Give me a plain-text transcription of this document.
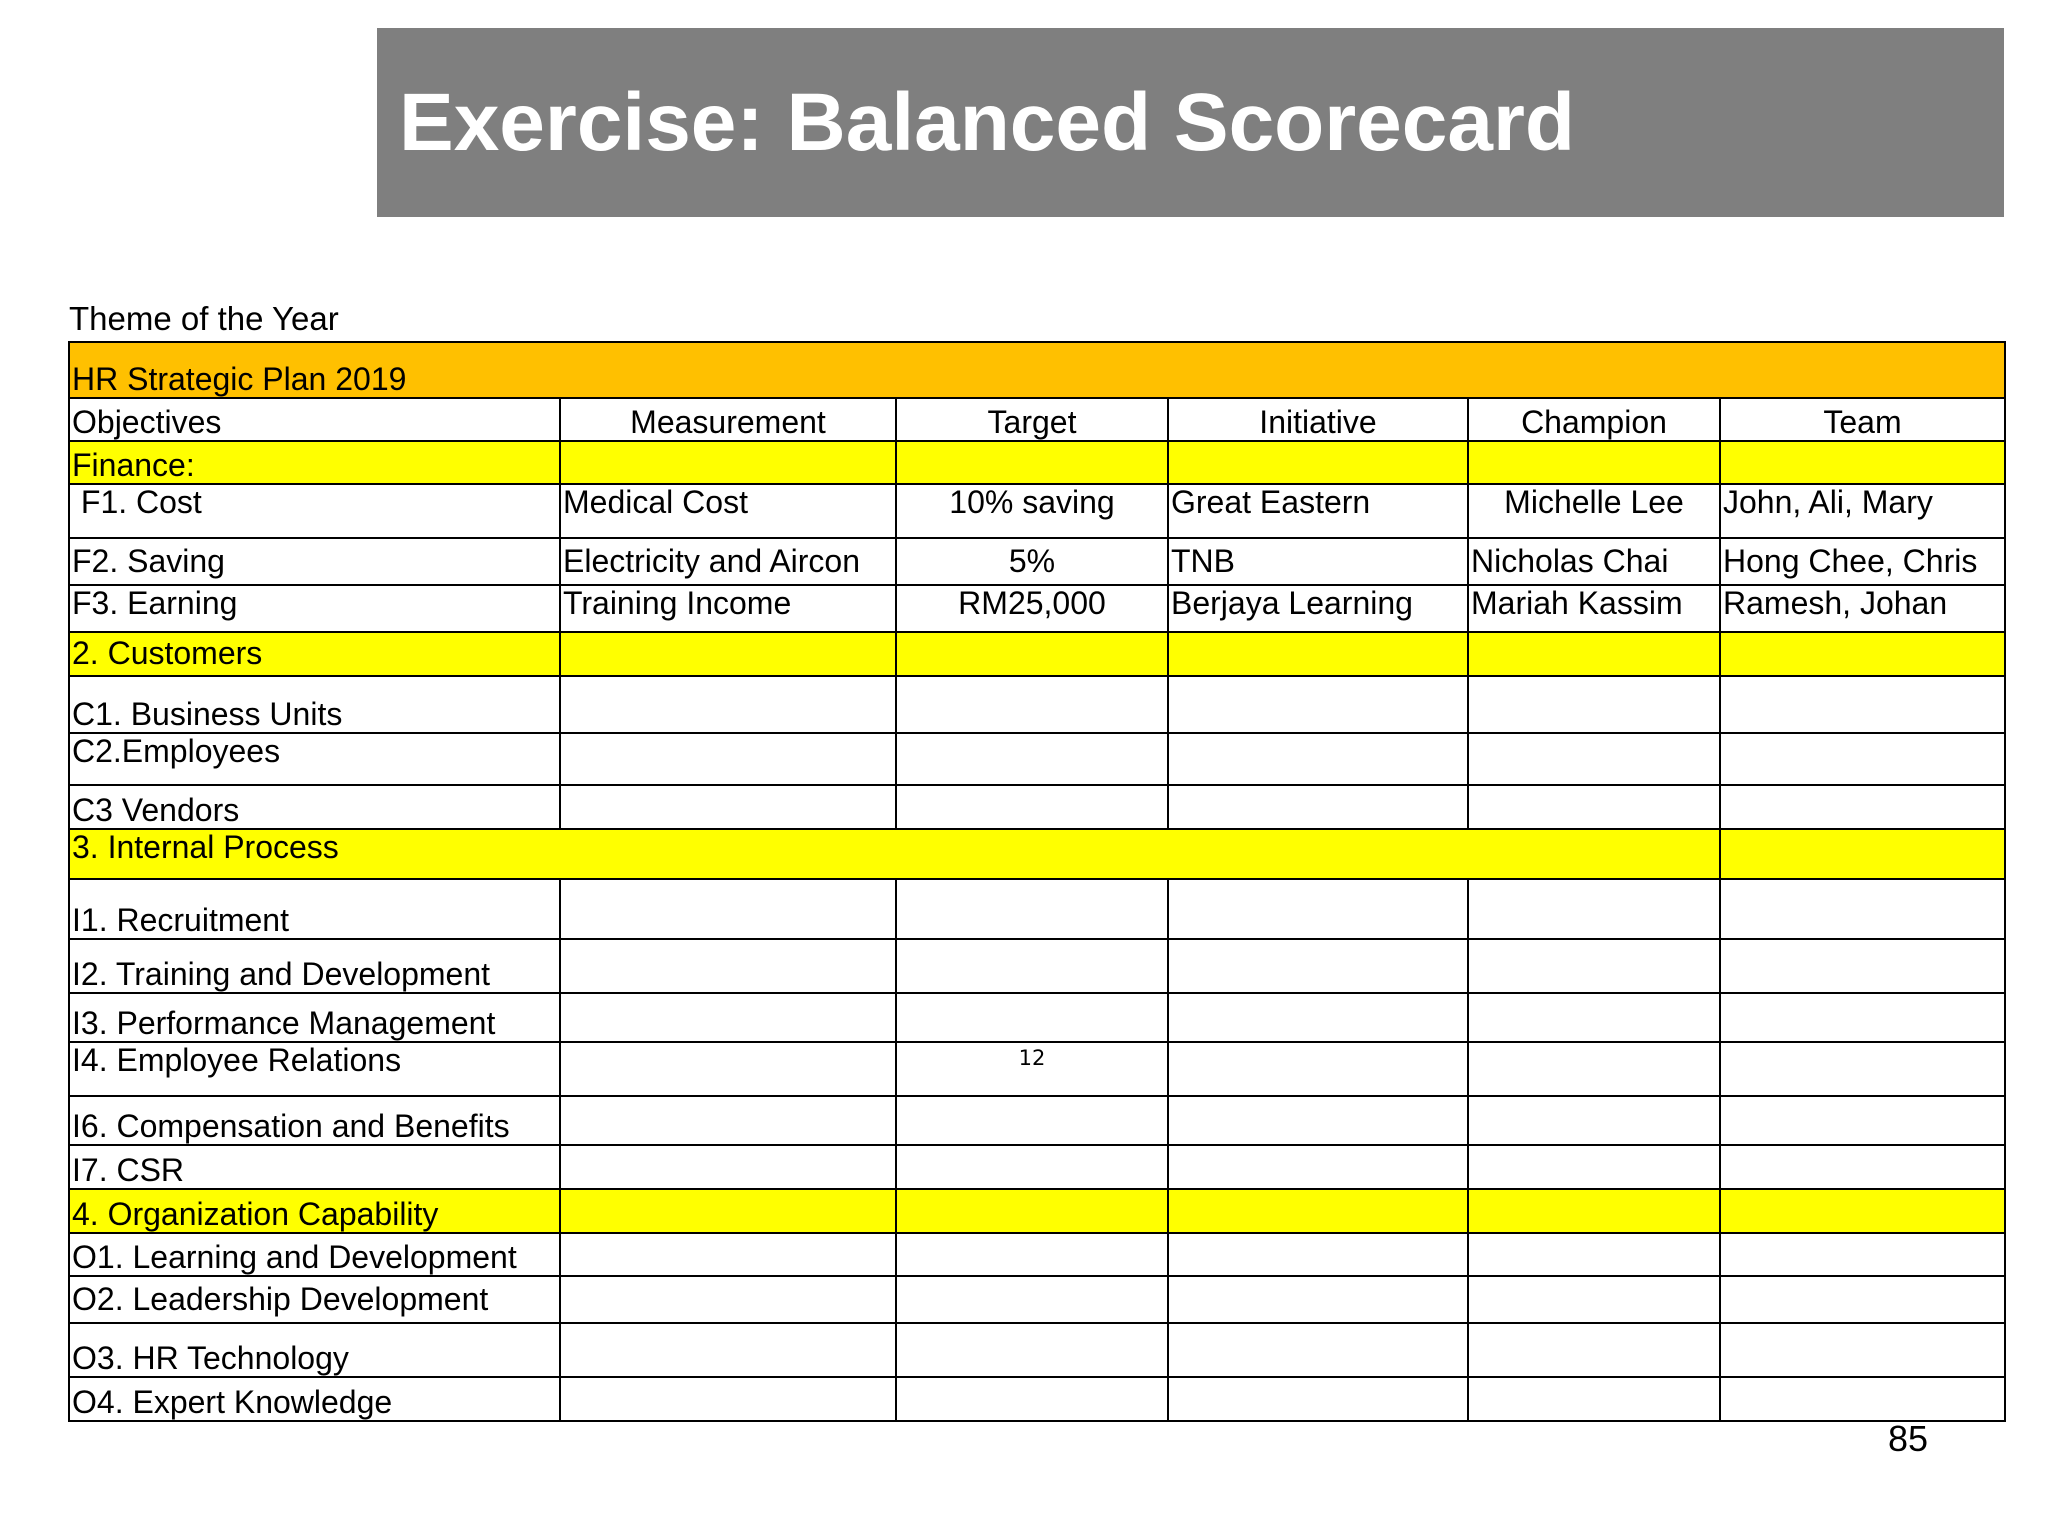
Exercise: Balanced Scorecard
Theme of the Year
HR Strategic Plan 2019					
Objectives	Measurement	Target	Initiative	Champion	Team
Finance:					
F1. Cost	Medical Cost	10% saving	Great Eastern	Michelle Lee	John, Ali, Mary
F2. Saving	Electricity and Aircon	5%	TNB	Nicholas Chai	Hong Chee, Chris
F3. Earning	Training Income	RM25,000	Berjaya Learning	Mariah Kassim	Ramesh, Johan
2. Customers					
C1. Business Units					
C2.Employees					
C3 Vendors					
3. Internal Process					
I1. Recruitment					
I2. Training and Development					
I3. Performance Management					
I4. Employee Relations		12			
I6. Compensation and Benefits					
I7. CSR					
4. Organization Capability					
O1. Learning and Development					
O2. Leadership Development					
O3. HR Technology					
O4. Expert Knowledge					
85
